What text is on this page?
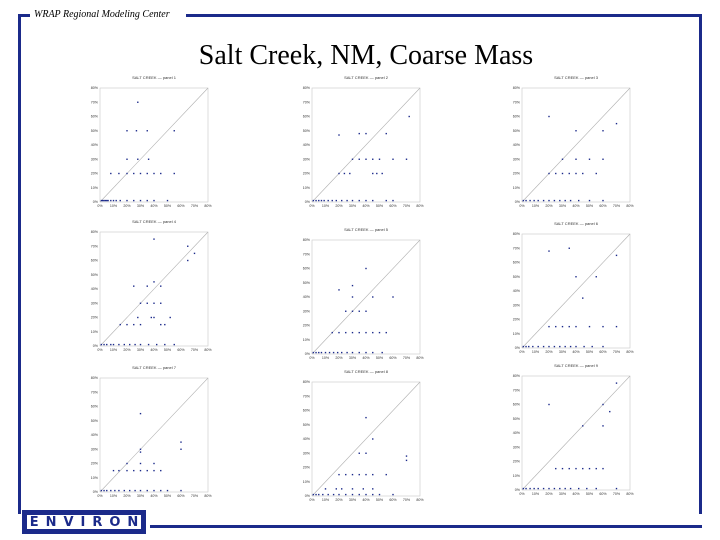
WRAP Regional Modeling Center
Salt Creek, NM, Coarse Mass
SALT CREEK — panel 1
0%
0%
10%
10%
20%
20%
30%
30%
40%
40%
50%
50%
60%
60%
70%
70%
80%
80%
SALT CREEK — panel 2
0%
0%
10%
10%
20%
20%
30%
30%
40%
40%
50%
50%
60%
60%
70%
70%
80%
80%
SALT CREEK — panel 3
0%
0%
10%
10%
20%
20%
30%
30%
40%
40%
50%
50%
60%
60%
70%
70%
80%
80%
SALT CREEK — panel 4
0%
0%
10%
10%
20%
20%
30%
30%
40%
40%
50%
50%
60%
60%
70%
70%
80%
80%
SALT CREEK — panel 5
0%
0%
10%
10%
20%
20%
30%
30%
40%
40%
50%
50%
60%
60%
70%
70%
80%
80%
SALT CREEK — panel 6
0%
0%
10%
10%
20%
20%
30%
30%
40%
40%
50%
50%
60%
60%
70%
70%
80%
80%
SALT CREEK — panel 7
0%
0%
10%
10%
20%
20%
30%
30%
40%
40%
50%
50%
60%
60%
70%
70%
80%
80%
SALT CREEK — panel 8
0%
0%
10%
10%
20%
20%
30%
30%
40%
40%
50%
50%
60%
60%
70%
70%
80%
80%
SALT CREEK — panel 9
0%
0%
10%
10%
20%
20%
30%
30%
40%
40%
50%
50%
60%
60%
70%
70%
80%
80%
ENVIRON
